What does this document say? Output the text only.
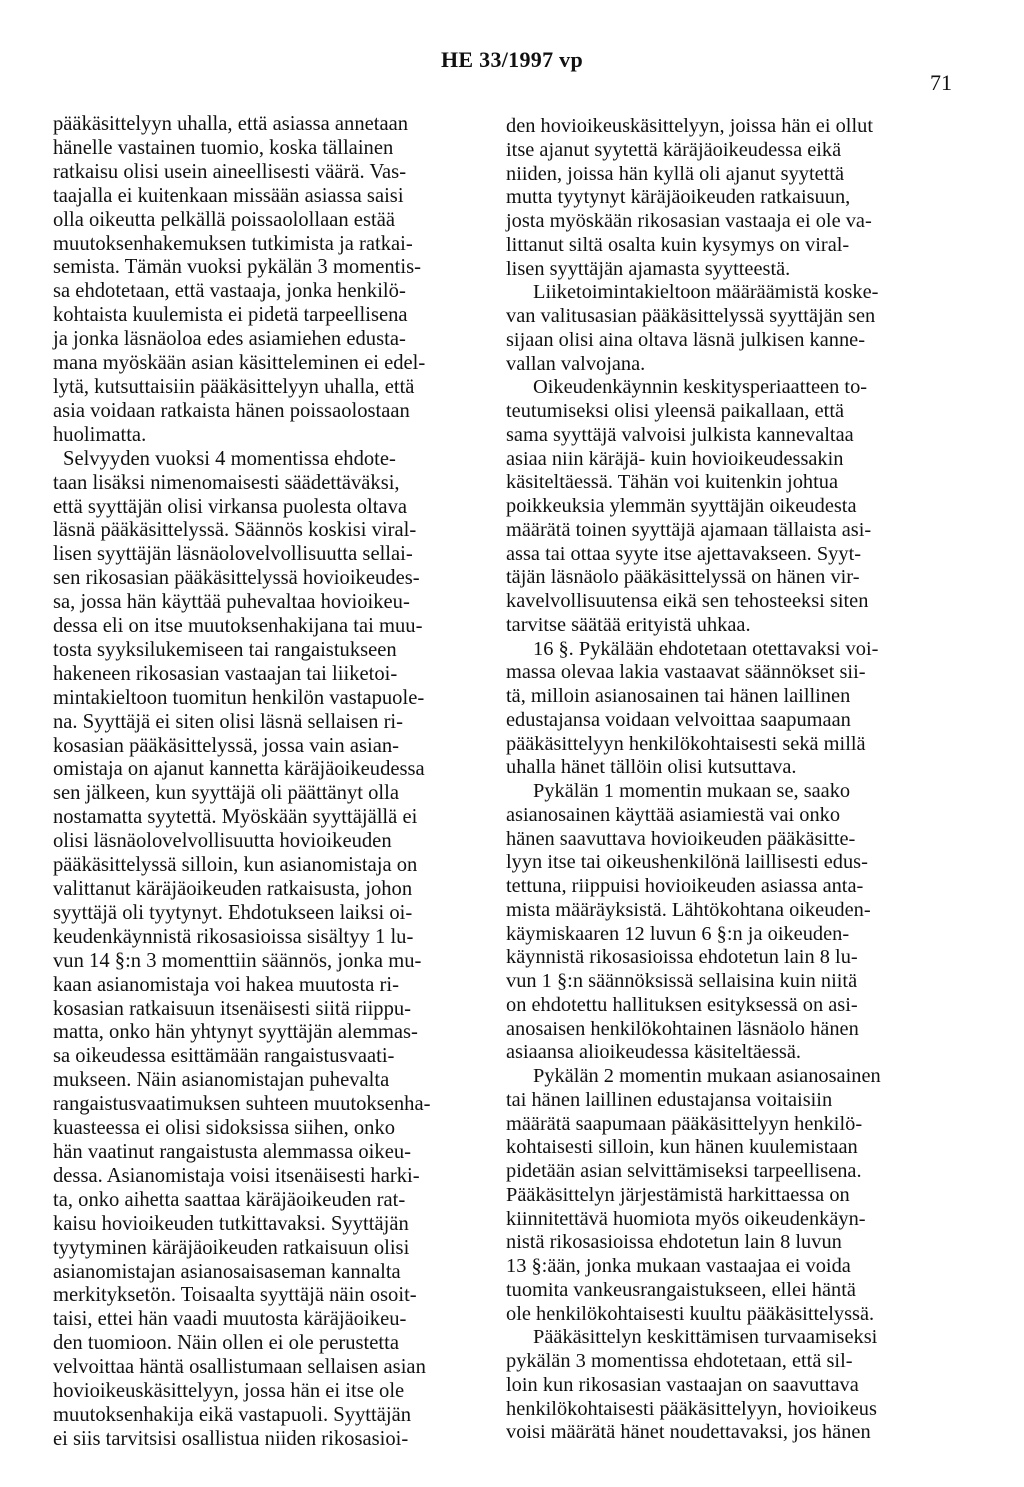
HE 33/1997 vp
71
pääkäsittelyyn uhalla, että asiassa annetaan
hänelle vastainen tuomio, koska tällainen
ratkaisu olisi usein aineellisesti väärä. Vas-
taajalla ei kuitenkaan missään asiassa saisi
olla oikeutta pelkällä poissaolollaan estää
muutoksenhakemuksen tutkimista ja ratkai-
semista. Tämän vuoksi pykälän 3 momentis-
sa ehdotetaan, että vastaaja, jonka henkilö-
kohtaista kuulemista ei pidetä tarpeellisena
ja jonka läsnäoloa edes asiamiehen edusta-
mana myöskään asian käsitteleminen ei edel-
lytä, kutsuttaisiin pääkäsittelyyn uhalla, että
asia voidaan ratkaista hänen poissaolostaan
huolimatta.
Selvyyden vuoksi 4 momentissa ehdote-
taan lisäksi nimenomaisesti säädettäväksi,
että syyttäjän olisi virkansa puolesta oltava
läsnä pääkäsittelyssä. Säännös koskisi viral-
lisen syyttäjän läsnäolovelvollisuutta sellai-
sen rikosasian pääkäsittelyssä hovioikeudes-
sa, jossa hän käyttää puhevaltaa hovioikeu-
dessa eli on itse muutoksenhakijana tai muu-
tosta syyksilukemiseen tai rangaistukseen
hakeneen rikosasian vastaajan tai liiketoi-
mintakieltoon tuomitun henkilön vastapuole-
na. Syyttäjä ei siten olisi läsnä sellaisen ri-
kosasian pääkäsittelyssä, jossa vain asian-
omistaja on ajanut kannetta käräjäoikeudessa
sen jälkeen, kun syyttäjä oli päättänyt olla
nostamatta syytettä. Myöskään syyttäjällä ei
olisi läsnäolovelvollisuutta hovioikeuden
pääkäsittelyssä silloin, kun asianomistaja on
valittanut käräjäoikeuden ratkaisusta, johon
syyttäjä oli tyytynyt. Ehdotukseen laiksi oi-
keudenkäynnistä rikosasioissa sisältyy 1 lu-
vun 14 §:n 3 momenttiin säännös, jonka mu-
kaan asianomistaja voi hakea muutosta ri-
kosasian ratkaisuun itsenäisesti siitä riippu-
matta, onko hän yhtynyt syyttäjän alemmas-
sa oikeudessa esittämään rangaistusvaati-
mukseen. Näin asianomistajan puhevalta
rangaistusvaatimuksen suhteen muutoksenha-
kuasteessa ei olisi sidoksissa siihen, onko
hän vaatinut rangaistusta alemmassa oikeu-
dessa. Asianomistaja voisi itsenäisesti harki-
ta, onko aihetta saattaa käräjäoikeuden rat-
kaisu hovioikeuden tutkittavaksi. Syyttäjän
tyytyminen käräjäoikeuden ratkaisuun olisi
asianomistajan asianosaisaseman kannalta
merkityksetön. Toisaalta syyttäjä näin osoit-
taisi, ettei hän vaadi muutosta käräjäoikeu-
den tuomioon. Näin ollen ei ole perustetta
velvoittaa häntä osallistumaan sellaisen asian
hovioikeuskäsittelyyn, jossa hän ei itse ole
muutoksenhakija eikä vastapuoli. Syyttäjän
ei siis tarvitsisi osallistua niiden rikosasioi-
den hovioikeuskäsittelyyn, joissa hän ei ollut
itse ajanut syytettä käräjäoikeudessa eikä
niiden, joissa hän kyllä oli ajanut syytettä
mutta tyytynyt käräjäoikeuden ratkaisuun,
josta myöskään rikosasian vastaaja ei ole va-
littanut siltä osalta kuin kysymys on viral-
lisen syyttäjän ajamasta syytteestä.
Liiketoimintakieltoon määräämistä koske-
van valitusasian pääkäsittelyssä syyttäjän sen
sijaan olisi aina oltava läsnä julkisen kanne-
vallan valvojana.
Oikeudenkäynnin keskitysperiaatteen to-
teutumiseksi olisi yleensä paikallaan, että
sama syyttäjä valvoisi julkista kannevaltaa
asiaa niin käräjä- kuin hovioikeudessakin
käsiteltäessä. Tähän voi kuitenkin johtua
poikkeuksia ylemmän syyttäjän oikeudesta
määrätä toinen syyttäjä ajamaan tällaista asi-
assa tai ottaa syyte itse ajettavakseen. Syyt-
täjän läsnäolo pääkäsittelyssä on hänen vir-
kavelvollisuutensa eikä sen tehosteeksi siten
tarvitse säätää erityistä uhkaa.
16 §. Pykälään ehdotetaan otettavaksi voi-
massa olevaa lakia vastaavat säännökset sii-
tä, milloin asianosainen tai hänen laillinen
edustajansa voidaan velvoittaa saapumaan
pääkäsittelyyn henkilökohtaisesti sekä millä
uhalla hänet tällöin olisi kutsuttava.
Pykälän 1 momentin mukaan se, saako
asianosainen käyttää asiamiestä vai onko
hänen saavuttava hovioikeuden pääkäsitte-
lyyn itse tai oikeushenkilönä laillisesti edus-
tettuna, riippuisi hovioikeuden asiassa anta-
mista määräyksistä. Lähtökohtana oikeuden-
käymiskaaren 12 luvun 6 §:n ja oikeuden-
käynnistä rikosasioissa ehdotetun lain 8 lu-
vun 1 §:n säännöksissä sellaisina kuin niitä
on ehdotettu hallituksen esityksessä on asi-
anosaisen henkilökohtainen läsnäolo hänen
asiaansa alioikeudessa käsiteltäessä.
Pykälän 2 momentin mukaan asianosainen
tai hänen laillinen edustajansa voitaisiin
määrätä saapumaan pääkäsittelyyn henkilö-
kohtaisesti silloin, kun hänen kuulemistaan
pidetään asian selvittämiseksi tarpeellisena.
Pääkäsittelyn järjestämistä harkittaessa on
kiinnitettävä huomiota myös oikeudenkäyn-
nistä rikosasioissa ehdotetun lain 8 luvun
13 §:ään, jonka mukaan vastaajaa ei voida
tuomita vankeusrangaistukseen, ellei häntä
ole henkilökohtaisesti kuultu pääkäsittelyssä.
Pääkäsittelyn keskittämisen turvaamiseksi
pykälän 3 momentissa ehdotetaan, että sil-
loin kun rikosasian vastaajan on saavuttava
henkilökohtaisesti pääkäsittelyyn, hovioikeus
voisi määrätä hänet noudettavaksi, jos hänen
